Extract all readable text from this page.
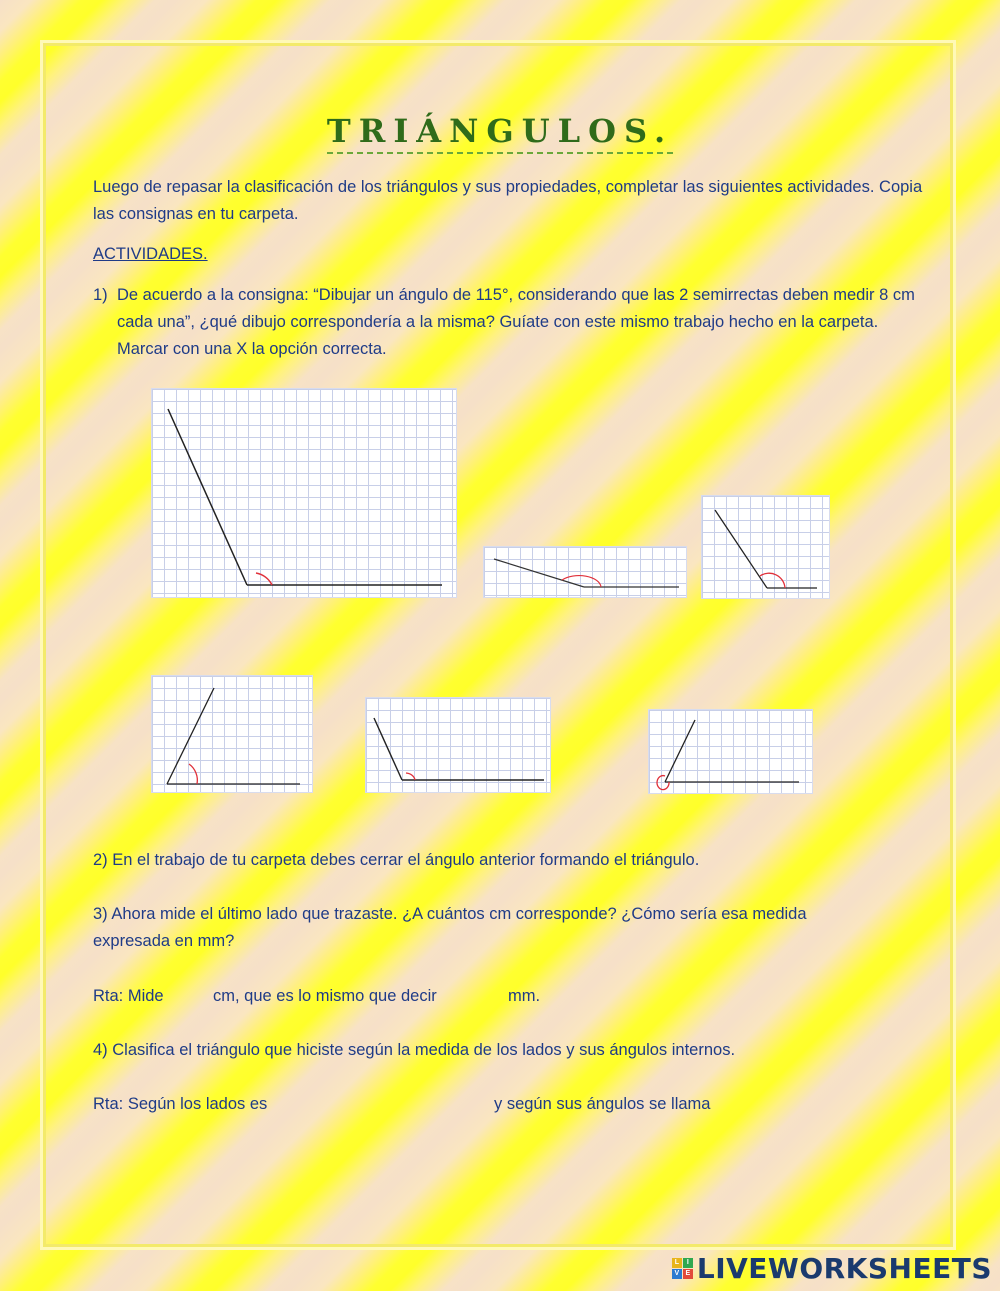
TRIÁNGULOS.
Luego de repasar la clasificación de los triángulos y sus propiedades, completar las siguientes actividades. Copia las consignas en tu carpeta.
ACTIVIDADES.
1) De acuerdo a la consigna: “Dibujar un ángulo de 115°, considerando que las 2 semirrectas deben medir 8 cm cada una”, ¿qué dibujo correspondería a la misma? Guíate con este mismo trabajo hecho en la carpeta. Marcar con una X la opción correcta.
2) En el trabajo de tu carpeta debes cerrar el ángulo anterior formando el triángulo.
3) Ahora mide el último lado que trazaste. ¿A cuántos cm corresponde? ¿Cómo sería esa medida expresada en mm?
Rta: Mide	cm, que es lo mismo que decir	mm.
4) Clasifica el triángulo que hiciste según la medida de los lados y sus ángulos internos.
Rta: Según los lados es	y según sus ángulos se llama
L	I
V E LIVEWORKSHEETS
